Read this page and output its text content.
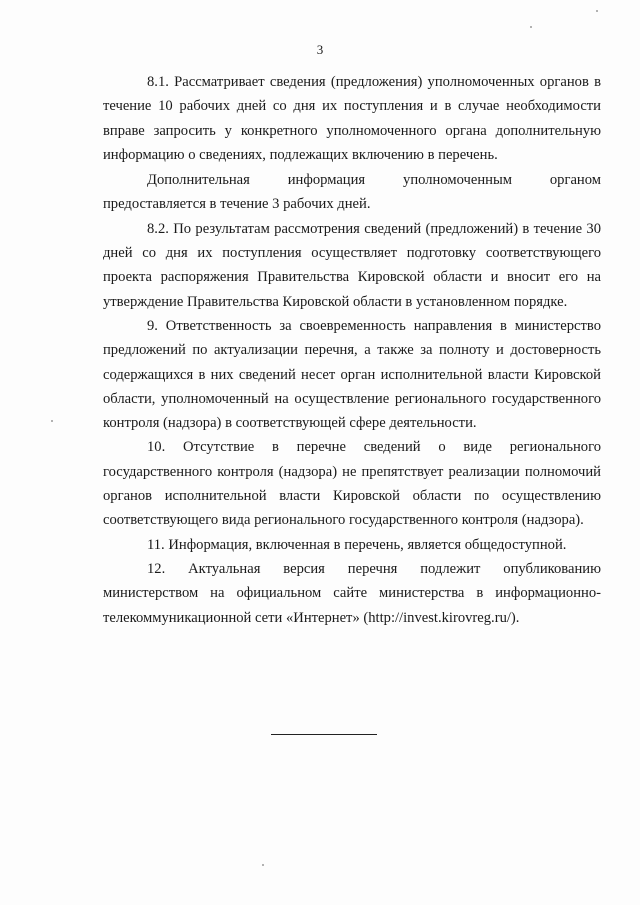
3

8.1. Рассматривает сведения (предложения) уполномоченных органов в течение 10 рабочих дней со дня их поступления и в случае необходимости вправе запросить у конкретного уполномоченного органа дополнительную информацию о сведениях, подлежащих включению в перечень.

Дополнительная информация уполномоченным органом предоставляется в течение 3 рабочих дней.

8.2. По результатам рассмотрения сведений (предложений) в течение 30 дней со дня их поступления осуществляет подготовку соответствующего проекта распоряжения Правительства Кировской области и вносит его на утверждение Правительства Кировской области в установленном порядке.

9. Ответственность за своевременность направления в министерство предложений по актуализации перечня, а также за полноту и достоверность содержащихся в них сведений несет орган исполнительной власти Кировской области, уполномоченный на осуществление регионального государственного контроля (надзора) в соответствующей сфере деятельности.

10. Отсутствие в перечне сведений о виде регионального государственного контроля (надзора) не препятствует реализации полномочий органов исполнительной власти Кировской области по осуществлению соответствующего вида регионального государственного контроля (надзора).

11. Информация, включенная в перечень, является общедоступной.

12. Актуальная версия перечня подлежит опубликованию министерством на официальном сайте министерства в информационно-телекоммуникационной сети «Интернет» (http://invest.kirovreg.ru/).
